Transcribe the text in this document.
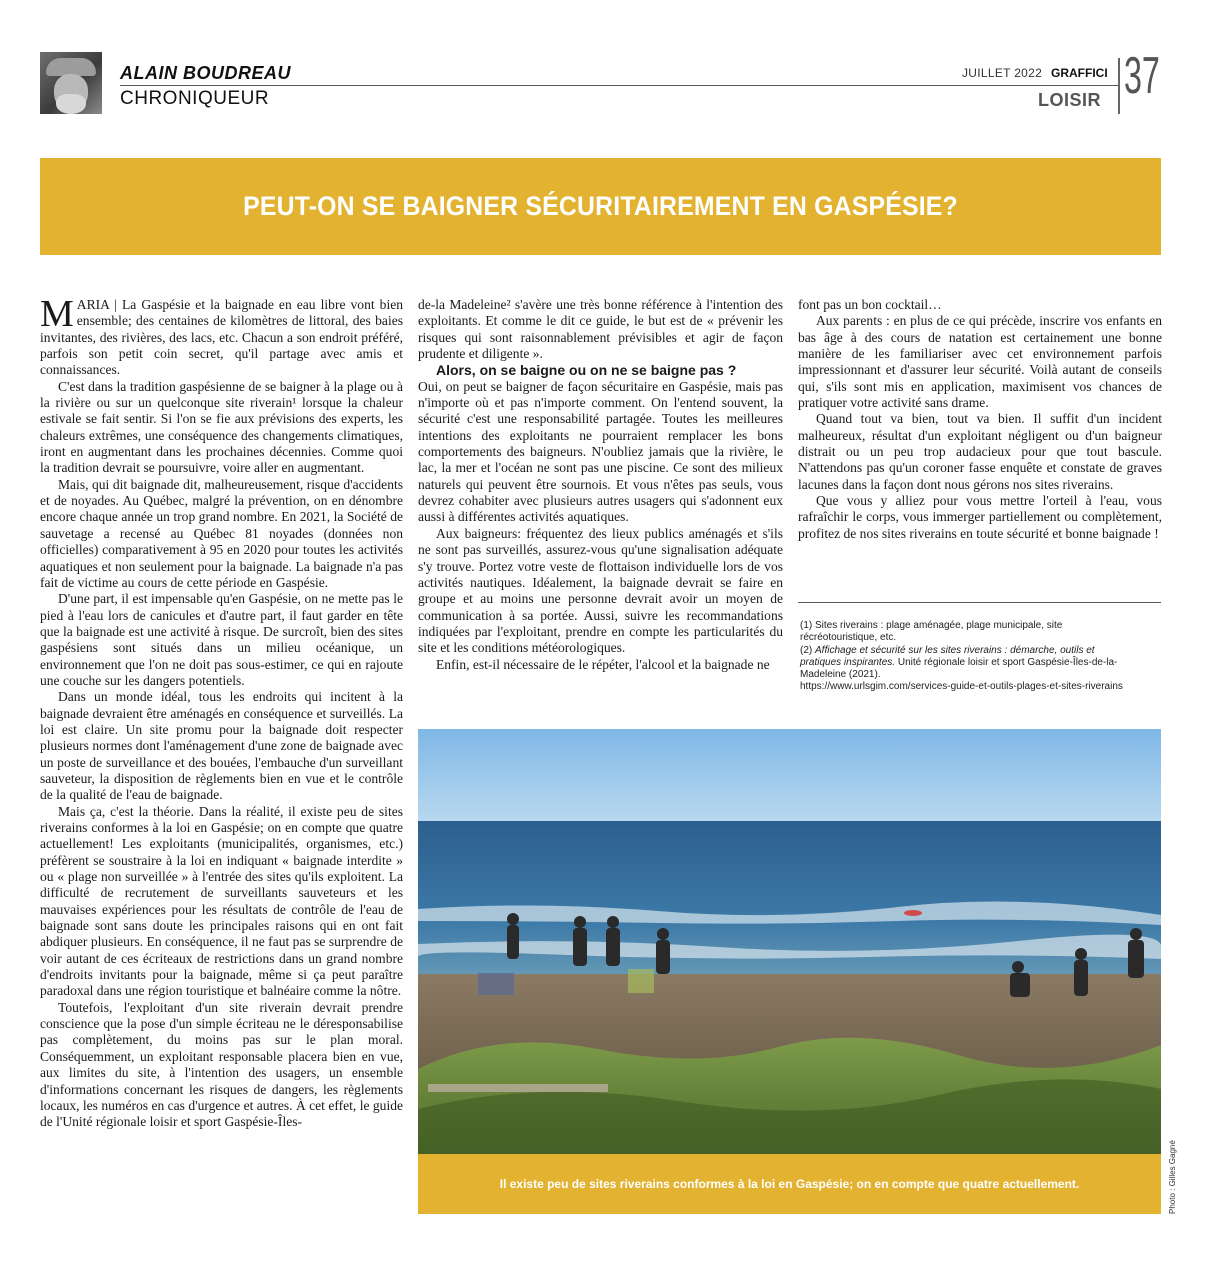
ALAIN BOUDREAU
CHRONIQUEUR
JUILLET 2022 GRAFFICI
LOISIR 37
PEUT-ON SE BAIGNER SÉCURITAIREMENT EN GASPÉSIE?

MARIA | La Gaspésie et la baignade en eau libre vont bien ensemble; des centaines de kilomètres de littoral, des baies invitantes, des rivières, des lacs, etc. Chacun a son endroit préféré, parfois son petit coin secret, qu'il partage avec amis et connaissances.

C'est dans la tradition gaspésienne de se baigner à la plage ou à la rivière ou sur un quelconque site riverain¹ lorsque la chaleur estivale se fait sentir. Si l'on se fie aux prévisions des experts, les chaleurs extrêmes, une conséquence des changements climatiques, iront en augmentant dans les prochaines décennies. Comme quoi la tradition devrait se poursuivre, voire aller en augmentant.

Mais, qui dit baignade dit, malheureusement, risque d'accidents et de noyades. Au Québec, malgré la prévention, on en dénombre encore chaque année un trop grand nombre. En 2021, la Société de sauvetage a recensé au Québec 81 noyades (données non officielles) comparativement à 95 en 2020 pour toutes les activités aquatiques et non seulement pour la baignade. La baignade n'a pas fait de victime au cours de cette période en Gaspésie.

D'une part, il est impensable qu'en Gaspésie, on ne mette pas le pied à l'eau lors de canicules et d'autre part, il faut garder en tête que la baignade est une activité à risque. De surcroît, bien des sites gaspésiens sont situés dans un milieu océanique, un environnement que l'on ne doit pas sous-estimer, ce qui en rajoute une couche sur les dangers potentiels.

Dans un monde idéal, tous les endroits qui incitent à la baignade devraient être aménagés en conséquence et surveillés. La loi est claire. Un site promu pour la baignade doit respecter plusieurs normes dont l'aménagement d'une zone de baignade avec un poste de surveillance et des bouées, l'embauche d'un surveillant sauveteur, la disposition de règlements bien en vue et le contrôle de la qualité de l'eau de baignade.

Mais ça, c'est la théorie. Dans la réalité, il existe peu de sites riverains conformes à la loi en Gaspésie; on en compte que quatre actuellement! Les exploitants (municipalités, organismes, etc.) préfèrent se soustraire à la loi en indiquant « baignade interdite » ou « plage non surveillée » à l'entrée des sites qu'ils exploitent. La difficulté de recrutement de surveillants sauveteurs et les mauvaises expériences pour les résultats de contrôle de l'eau de baignade sont sans doute les principales raisons qui en ont fait abdiquer plusieurs. En conséquence, il ne faut pas se surprendre de voir autant de ces écriteaux de restrictions dans un grand nombre d'endroits invitants pour la baignade, même si ça peut paraître paradoxal dans une région touristique et balnéaire comme la nôtre.

Toutefois, l'exploitant d'un site riverain devrait prendre conscience que la pose d'un simple écriteau ne le déresponsabilise pas complètement, du moins pas sur le plan moral. Conséquemment, un exploitant responsable placera bien en vue, aux limites du site, à l'intention des usagers, un ensemble d'informations concernant les risques de dangers, les règlements locaux, les numéros en cas d'urgence et autres. À cet effet, le guide de l'Unité régionale loisir et sport Gaspésie-Îles-

de-la Madeleine² s'avère une très bonne référence à l'intention des exploitants. Et comme le dit ce guide, le but est de « prévenir les risques qui sont raisonnablement prévisibles et agir de façon prudente et diligente ».

Alors, on se baigne ou on ne se baigne pas ?

Oui, on peut se baigner de façon sécuritaire en Gaspésie, mais pas n'importe où et pas n'importe comment. On l'entend souvent, la sécurité c'est une responsabilité partagée. Toutes les meilleures intentions des exploitants ne pourraient remplacer les bons comportements des baigneurs. N'oubliez jamais que la rivière, le lac, la mer et l'océan ne sont pas une piscine. Ce sont des milieux naturels qui peuvent être sournois. Et vous n'êtes pas seuls, vous devrez cohabiter avec plusieurs autres usagers qui s'adonnent eux aussi à différentes activités aquatiques.

Aux baigneurs: fréquentez des lieux publics aménagés et s'ils ne sont pas surveillés, assurez-vous qu'une signalisation adéquate s'y trouve. Portez votre veste de flottaison individuelle lors de vos activités nautiques. Idéalement, la baignade devrait se faire en groupe et au moins une personne devrait avoir un moyen de communication à sa portée. Aussi, suivre les recommandations indiquées par l'exploitant, prendre en compte les particularités du site et les conditions météorologiques.

Enfin, est-il nécessaire de le répéter, l'alcool et la baignade ne

font pas un bon cocktail…

Aux parents : en plus de ce qui précède, inscrire vos enfants en bas âge à des cours de natation est certainement une bonne manière de les familiariser avec cet environnement parfois impressionnant et d'assurer leur sécurité. Voilà autant de conseils qui, s'ils sont mis en application, maximisent vos chances de pratiquer votre activité sans drame.

Quand tout va bien, tout va bien. Il suffit d'un incident malheureux, résultat d'un exploitant négligent ou d'un baigneur distrait ou un peu trop audacieux pour que tout bascule. N'attendons pas qu'un coroner fasse enquête et constate de graves lacunes dans la façon dont nous gérons nos sites riverains.

Que vous y alliez pour vous mettre l'orteil à l'eau, vous rafraîchir le corps, vous immerger partiellement ou complètement, profitez de nos sites riverains en toute sécurité et bonne baignade !

(1) Sites riverains : plage aménagée, plage municipale, site récréotouristique, etc.

(2) Affichage et sécurité sur les sites riverains : démarche, outils et pratiques inspirantes. Unité régionale loisir et sport Gaspésie-Îles-de-la-Madeleine (2021).

https://www.urlsgim.com/services-guide-et-outils-plages-et-sites-riverains

Il existe peu de sites riverains conformes à la loi en Gaspésie; on en compte que quatre actuellement.	Photo : Gilles Gagné
